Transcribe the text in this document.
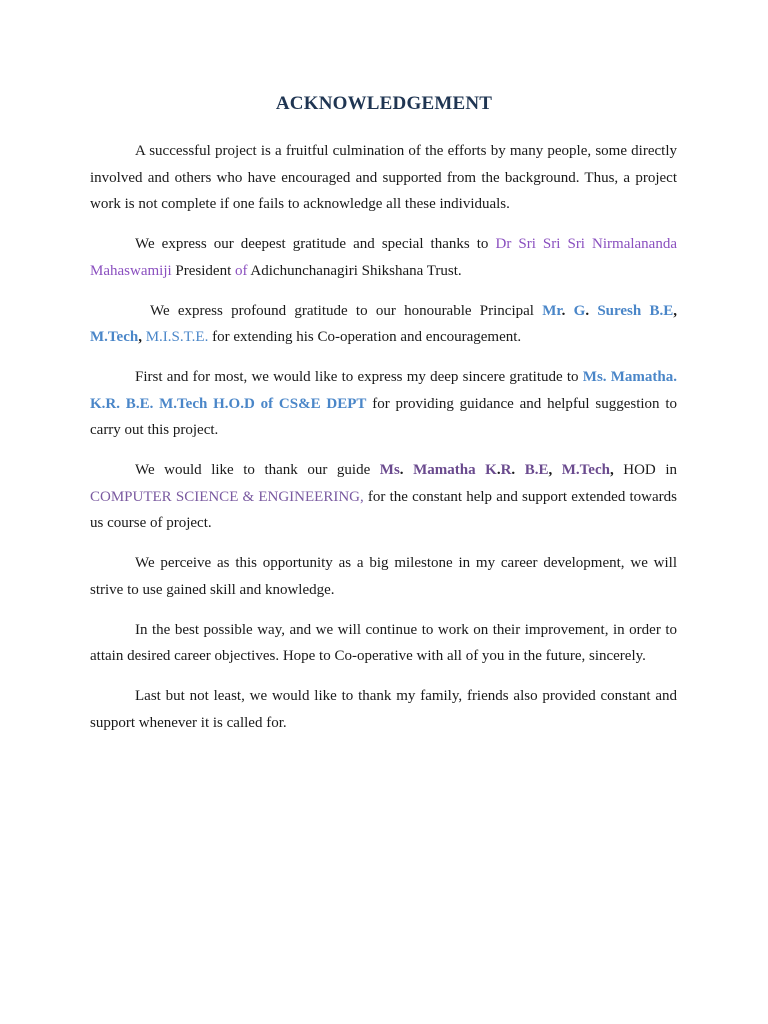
ACKNOWLEDGEMENT

A successful project is a fruitful culmination of the efforts by many people, some directly involved and others who have encouraged and supported from the background. Thus, a project work is not complete if one fails to acknowledge all these individuals.

We express our deepest gratitude and special thanks to Dr Sri Sri Sri Nirmalananda Mahaswamiji President of Adichunchanagiri Shikshana Trust.

We express profound gratitude to our honourable Principal Mr. G. Suresh B.E, M.Tech, M.I.S.T.E. for extending his Co-operation and encouragement.

First and for most, we would like to express my deep sincere gratitude to Ms. Mamatha. K.R. B.E. M.Tech H.O.D of CS&E DEPT for providing guidance and helpful suggestion to carry out this project.

We would like to thank our guide Ms. Mamatha K.R. B.E, M.Tech, HOD in COMPUTER SCIENCE & ENGINEERING, for the constant help and support extended towards us course of project.

We perceive as this opportunity as a big milestone in my career development, we will strive to use gained skill and knowledge.

In the best possible way, and we will continue to work on their improvement, in order to attain desired career objectives. Hope to Co-operative with all of you in the future, sincerely.

Last but not least, we would like to thank my family, friends also provided constant and support whenever it is called for.
